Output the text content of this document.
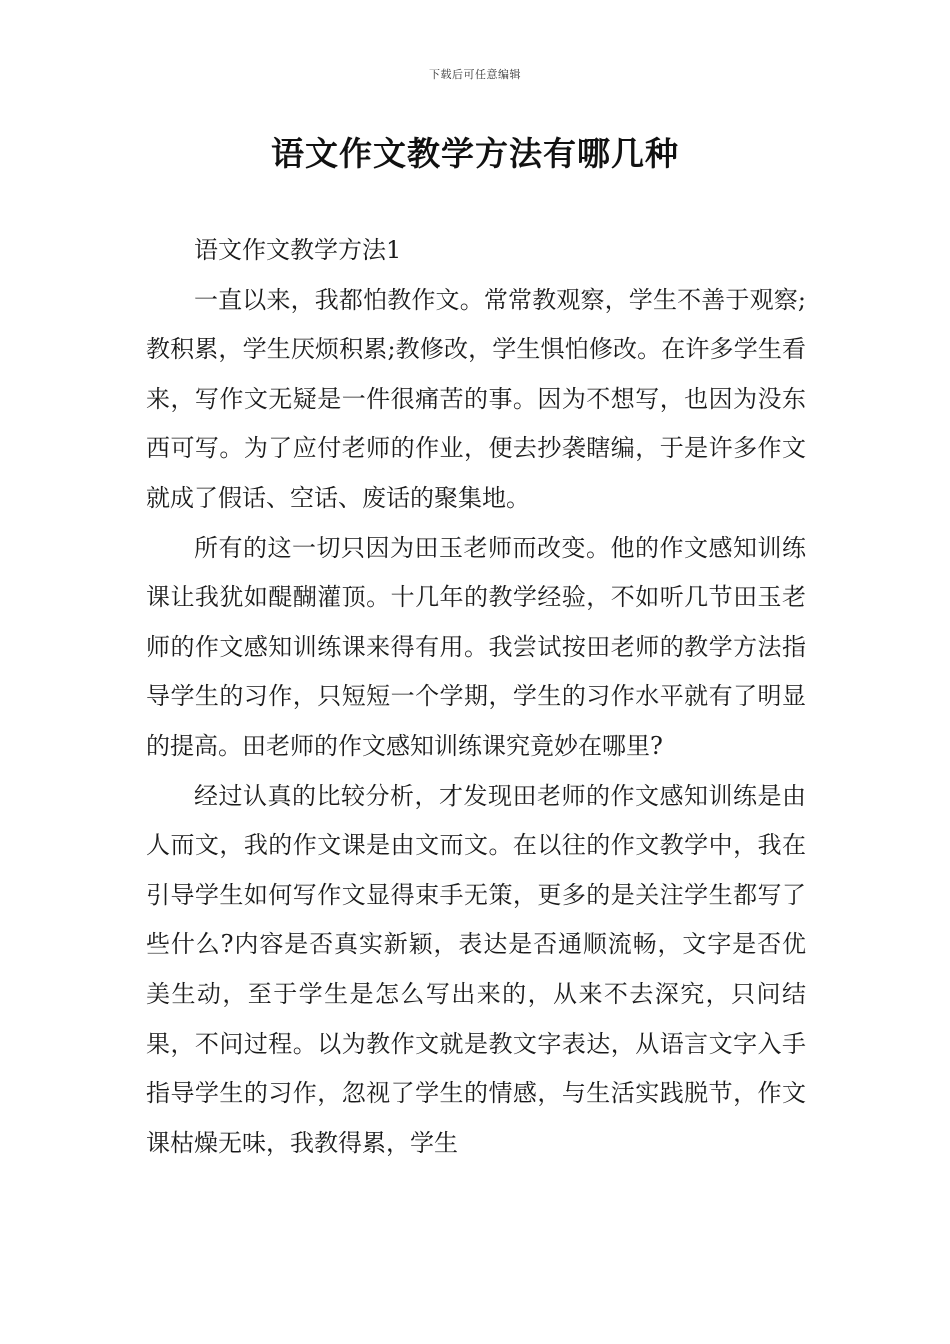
下载后可任意编辑
语文作文教学方法有哪几种

语文作文教学方法1

一直以来，我都怕教作文。常常教观察，学生不善于观察;教积累，学生厌烦积累;教修改，学生惧怕修改。在许多学生看来，写作文无疑是一件很痛苦的事。因为不想写，也因为没东西可写。为了应付老师的作业，便去抄袭瞎编，于是许多作文就成了假话、空话、废话的聚集地。

所有的这一切只因为田玉老师而改变。他的作文感知训练课让我犹如醍醐灌顶。十几年的教学经验，不如听几节田玉老师的作文感知训练课来得有用。我尝试按田老师的教学方法指导学生的习作，只短短一个学期，学生的习作水平就有了明显的提高。田老师的作文感知训练课究竟妙在哪里?

经过认真的比较分析，才发现田老师的作文感知训练是由人而文，我的作文课是由文而文。在以往的作文教学中，我在引导学生如何写作文显得束手无策，更多的是关注学生都写了些什么?内容是否真实新颖，表达是否通顺流畅，文字是否优美生动，至于学生是怎么写出来的，从来不去深究，只问结果，不问过程。以为教作文就是教文字表达，从语言文字入手指导学生的习作，忽视了学生的情感，与生活实践脱节，作文课枯燥无味，我教得累，学生
